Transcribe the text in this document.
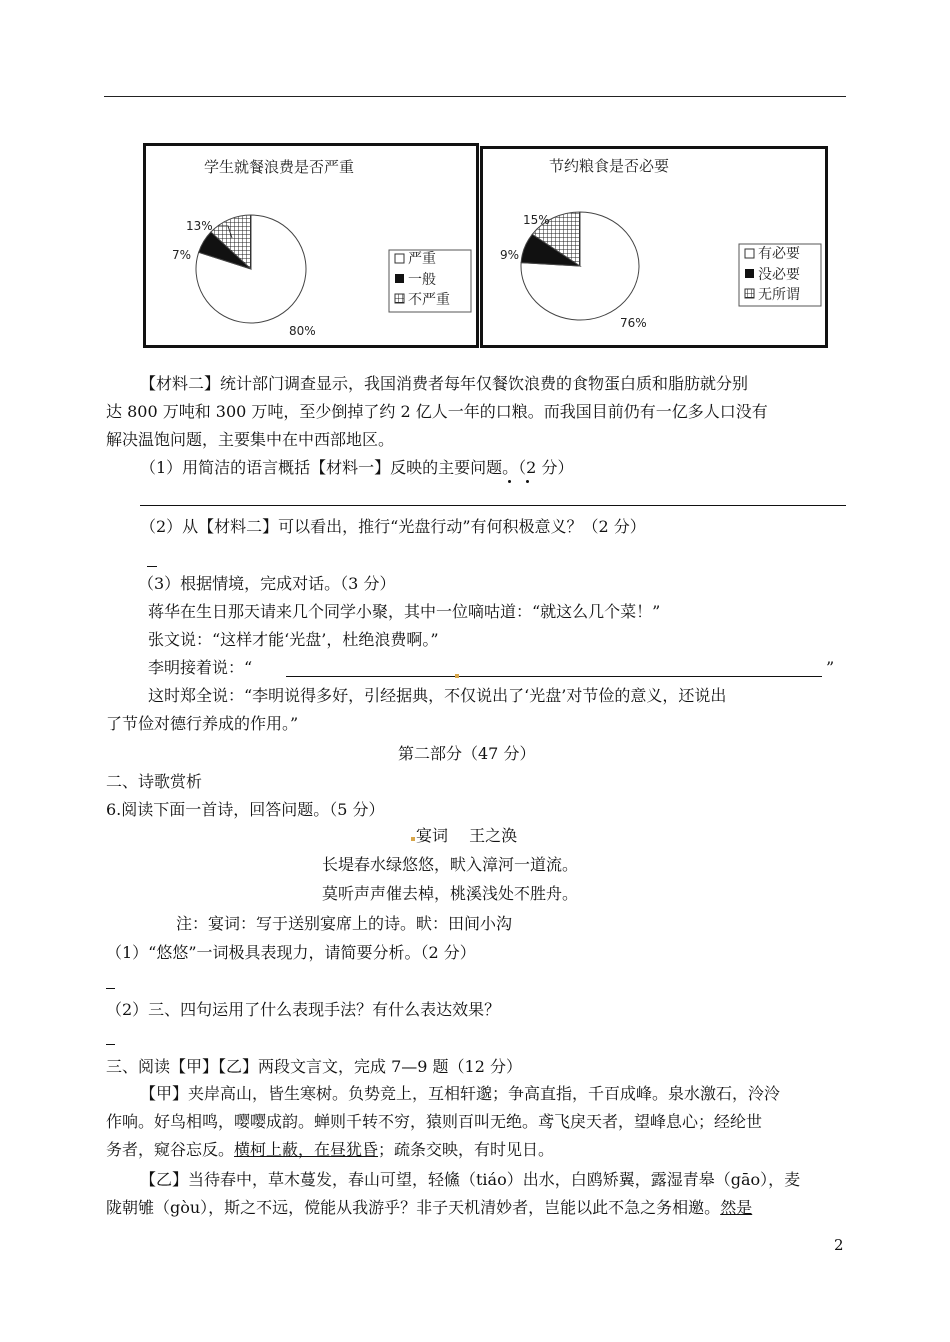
学生就餐浪费是否严重
13%
7%
80%
严重
一般
不严重
节约粮食是否必要
15%
9%
76%
有必要
没必要
无所谓
【材料二】统计部门调查显示，我国消费者每年仅餐饮浪费的食物蛋白质和脂肪就分别
达 800 万吨和 300 万吨，至少倒掉了约 2 亿人一年的口粮。而我国目前仍有一亿多人口没有
解决温饱问题，主要集中在中西部地区。
（1）用简洁的语言概括【材料一】反映的主要问题。（2 分）
（2）从【材料二】可以看出，推行“光盘行动”有何积极意义？（2 分）
（3）根据情境，完成对话。（3 分）
蒋华在生日那天请来几个同学小聚，其中一位嘀咕道：“就这么几个菜！”
张文说：“这样才能‘光盘’，杜绝浪费啊。”
李明接着说：“	”
这时郑全说：“李明说得多好，引经据典，不仅说出了‘光盘’对节俭的意义，还说出
了节俭对德行养成的作用。”
第二部分（47 分）
二、诗歌赏析
6.阅读下面一首诗，回答问题。（5 分）
宴词　 王之涣
长堤春水绿悠悠，畎入漳河一道流。
莫听声声催去棹，桃溪浅处不胜舟。
注：宴词：写于送别宴席上的诗。畎：田间小沟
（1）“悠悠”一词极具表现力，请简要分析。（2 分）
（2）三、四句运用了什么表现手法？有什么表达效果？
三、阅读【甲】【乙】两段文言文，完成 7—9 题（12 分）
【甲】夹岸高山，皆生寒树。负势竞上，互相轩邈；争高直指，千百成峰。泉水激石，泠泠
作响。好鸟相鸣，嘤嘤成韵。蝉则千转不穷，猿则百叫无绝。鸢飞戾天者，望峰息心；经纶世
务者，窥谷忘反。横柯上蔽，在昼犹昏；疏条交映，有时见日。
【乙】当待春中，草木蔓发，春山可望，轻鯈（tiáo）出水，白鸥矫翼，露湿青皋（gāo），麦
陇朝雊（gòu），斯之不远，傥能从我游乎？非子天机清妙者，岂能以此不急之务相邀。然是
2
